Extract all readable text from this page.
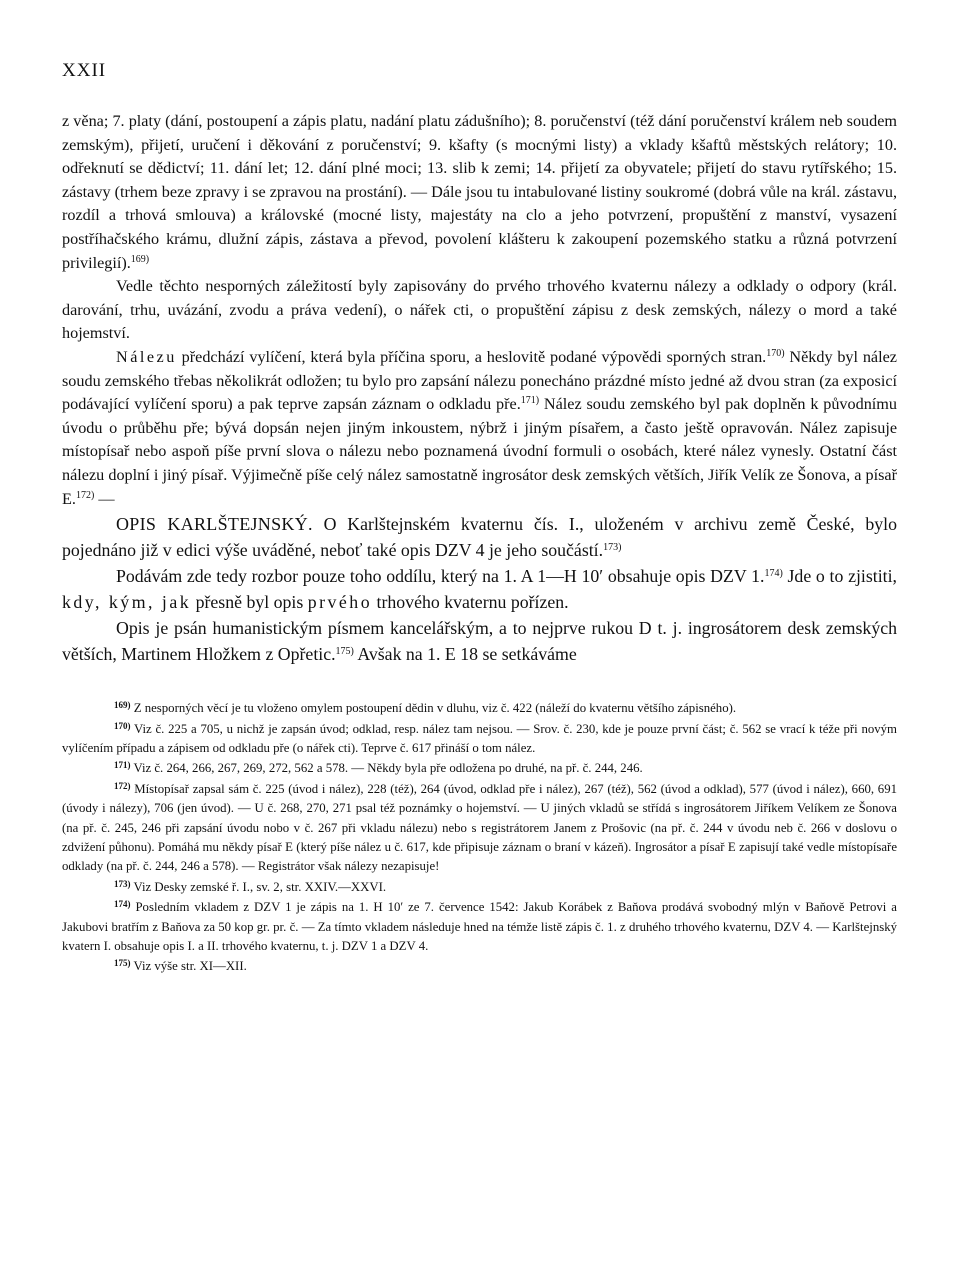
XXII

z věna; 7. platy (dání, postoupení a zápis platu, nadání platu zádušního); 8. poručenství (též dání poručenství králem neb soudem zemským), přijetí, uručení i děkování z poručenství; 9. kšafty (s mocnými listy) a vklady kšaftů městských relátory; 10. odřeknutí se dědictví; 11. dání let; 12. dání plné moci; 13. slib k zemi; 14. přijetí za obyvatele; přijetí do stavu rytířského; 15. zástavy (trhem beze zpravy i se zpravou na prostání). — Dále jsou tu intabulované listiny soukromé (dobrá vůle na král. zástavu, rozdíl a trhová smlouva) a královské (mocné listy, majestáty na clo a jeho potvrzení, propuštění z manství, vysazení postříhačského krámu, dlužní zápis, zástava a převod, povolení klášteru k zakoupení pozemského statku a různá potvrzení privilegií).$^{169)}$

Vedle těchto nesporných záležitostí byly zapisovány do prvého trhového kvaternu nálezy a odklady o odpory (král. darování, trhu, uvázání, zvodu a práva vedení), o nářek cti, o propuštění zápisu z desk zemských, nálezy o mord a také hojemství.

Nálezu předchází vylíčení, která byla příčina sporu, a heslovitě podané výpovědi sporných stran.$^{170)}$ Někdy byl nález soudu zemského třebas několikrát odložen; tu bylo pro zapsání nálezu ponecháno prázdné místo jedné až dvou stran (za exposicí podávající vylíčení sporu) a pak teprve zapsán záznam o odkladu pře.$^{171)}$ Nález soudu zemského byl pak doplněn k původnímu úvodu o průběhu pře; bývá dopsán nejen jiným inkoustem, nýbrž i jiným písařem, a často ještě opravován. Nález zapisuje místopísař nebo aspoň píše první slova o nálezu nebo poznamená úvodní formuli o osobách, které nález vynesly. Ostatní část nálezu doplní i jiný písař. Výjimečně píše celý nález samostatně ingrosátor desk zemských větších, Jiřík Velík ze Šonova, a písař E.$^{172)}$ —

OPIS KARLŠTEJNSKÝ. O Karlštejnském kvaternu čís. I., uloženém v archivu země České, bylo pojednáno již v edici výše uváděné, neboť také opis DZV 4 je jeho součástí.$^{173)}$

Podávám zde tedy rozbor pouze toho oddílu, který na 1. A 1—H 10′ obsahuje opis DZV 1.$^{174)}$ Jde o to zjistiti, kdy, kým, jak přesně byl opis prvého trhového kvaternu pořízen.

Opis je psán humanistickým písmem kancelářským, a to nejprve rukou D t. j. ingrosátorem desk zemských větších, Martinem Hložkem z Opřetic.$^{175)}$ Avšak na 1. E 18 se setkáváme

$^{169)}$ Z nesporných věcí je tu vloženo omylem postoupení dědin v dluhu, viz č. 422 (náleží do kvaternu většího zápisného).

$^{170)}$ Viz č. 225 a 705, u nichž je zapsán úvod; odklad, resp. nález tam nejsou. — Srov. č. 230, kde je pouze první část; č. 562 se vrací k téže při novým vylíčením případu a zápisem od odkladu pře (o nářek cti). Teprve č. 617 přináší o tom nález.

$^{171)}$ Viz č. 264, 266, 267, 269, 272, 562 a 578. — Někdy byla pře odložena po druhé, na př. č. 244, 246.

$^{172)}$ Místopísař zapsal sám č. 225 (úvod i nález), 228 (též), 264 (úvod, odklad pře i nález), 267 (též), 562 (úvod a odklad), 577 (úvod i nález), 660, 691 (úvody i nálezy), 706 (jen úvod). — U č. 268, 270, 271 psal též poznámky o hojemství. — U jiných vkladů se střídá s ingrosátorem Jiříkem Velíkem ze Šonova (na př. č. 245, 246 při zapsání úvodu nobo v č. 267 při vkladu nálezu) nebo s registrátorem Janem z Prošovic (na př. č. 244 v úvodu neb č. 266 v doslovu o zdvižení půhonu). Pomáhá mu někdy písař E (který píše nález u č. 617, kde připisuje záznam o braní v kázeň). Ingrosátor a písař E zapisují také vedle místopísaře odklady (na př. č. 244, 246 a 578). — Registrátor však nálezy nezapisuje!

$^{173)}$ Viz Desky zemské ř. I., sv. 2, str. XXIV.—XXVI.

$^{174)}$ Posledním vkladem z DZV 1 je zápis na 1. H 10′ ze 7. července 1542: Jakub Korábek z Baňova prodává svobodný mlýn v Baňově Petrovi a Jakubovi bratřím z Baňova za 50 kop gr. pr. č. — Za tímto vkladem následuje hned na témže listě zápis č. 1. z druhého trhového kvaternu, DZV 4. — Karlštejnský kvatern I. obsahuje opis I. a II. trhového kvaternu, t. j. DZV 1 a DZV 4.

$^{175)}$ Viz výše str. XI—XII.
